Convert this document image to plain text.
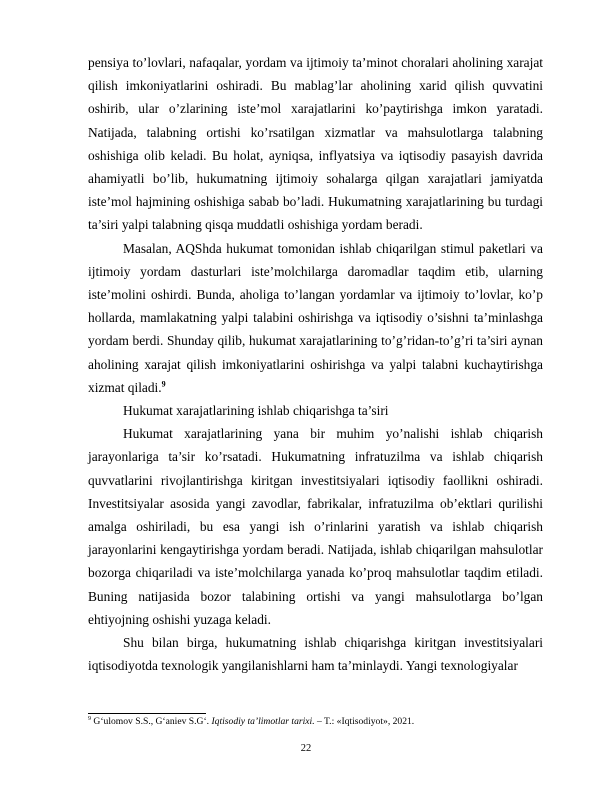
pensiya to’lovlari, nafaqalar, yordam va ijtimoiy ta’minot choralari aholining xarajat qilish imkoniyatlarini oshiradi. Bu mablag’lar aholining xarid qilish quvvatini oshirib, ular o’zlarining iste’mol xarajatlarini ko’paytirishga imkon yaratadi. Natijada, talabning ortishi ko’rsatilgan xizmatlar va mahsulotlarga talabning oshishiga olib keladi. Bu holat, ayniqsa, inflyatsiya va iqtisodiy pasayish davrida ahamiyatli bo’lib, hukumatning ijtimoiy sohalarga qilgan xarajatlari jamiyatda iste’mol hajmining oshishiga sabab bo’ladi. Hukumatning xarajatlarining bu turdagi ta’siri yalpi talabning qisqa muddatli oshishiga yordam beradi.

Masalan, AQShda hukumat tomonidan ishlab chiqarilgan stimul paketlari va ijtimoiy yordam dasturlari iste’molchilarga daromadlar taqdim etib, ularning iste’molini oshirdi. Bunda, aholiga to’langan yordamlar va ijtimoiy to’lovlar, ko’p hollarda, mamlakatning yalpi talabini oshirishga va iqtisodiy o’sishni ta’minlashga yordam berdi. Shunday qilib, hukumat xarajatlarining to’g’ridan-to’g’ri ta’siri aynan aholining xarajat qilish imkoniyatlarini oshirishga va yalpi talabni kuchaytirishga xizmat qiladi.$^9$

Hukumat xarajatlarining ishlab chiqarishga ta’siri

Hukumat xarajatlarining yana bir muhim yo’nalishi ishlab chiqarish jarayonlariga ta’sir ko’rsatadi. Hukumatning infratuzilma va ishlab chiqarish quvvatlarini rivojlantirishga kiritgan investitsiyalari iqtisodiy faollikni oshiradi. Investitsiyalar asosida yangi zavodlar, fabrikalar, infratuzilma ob’ektlari qurilishi amalga oshiriladi, bu esa yangi ish o’rinlarini yaratish va ishlab chiqarish jarayonlarini kengaytirishga yordam beradi. Natijada, ishlab chiqarilgan mahsulotlar bozorga chiqariladi va iste’molchilarga yanada ko’proq mahsulotlar taqdim etiladi. Buning natijasida bozor talabining ortishi va yangi mahsulotlarga bo’lgan ehtiyojning oshishi yuzaga keladi.

Shu bilan birga, hukumatning ishlab chiqarishga kiritgan investitsiyalari iqtisodiyotda texnologik yangilanishlarni ham ta’minlaydi. Yangi texnologiyalar

$^9$ G‘ulomov S.S., G‘aniev S.G‘. Iqtisodiy ta’limotlar tarixi. – T.: «Iqtisodiyot», 2021.
22
